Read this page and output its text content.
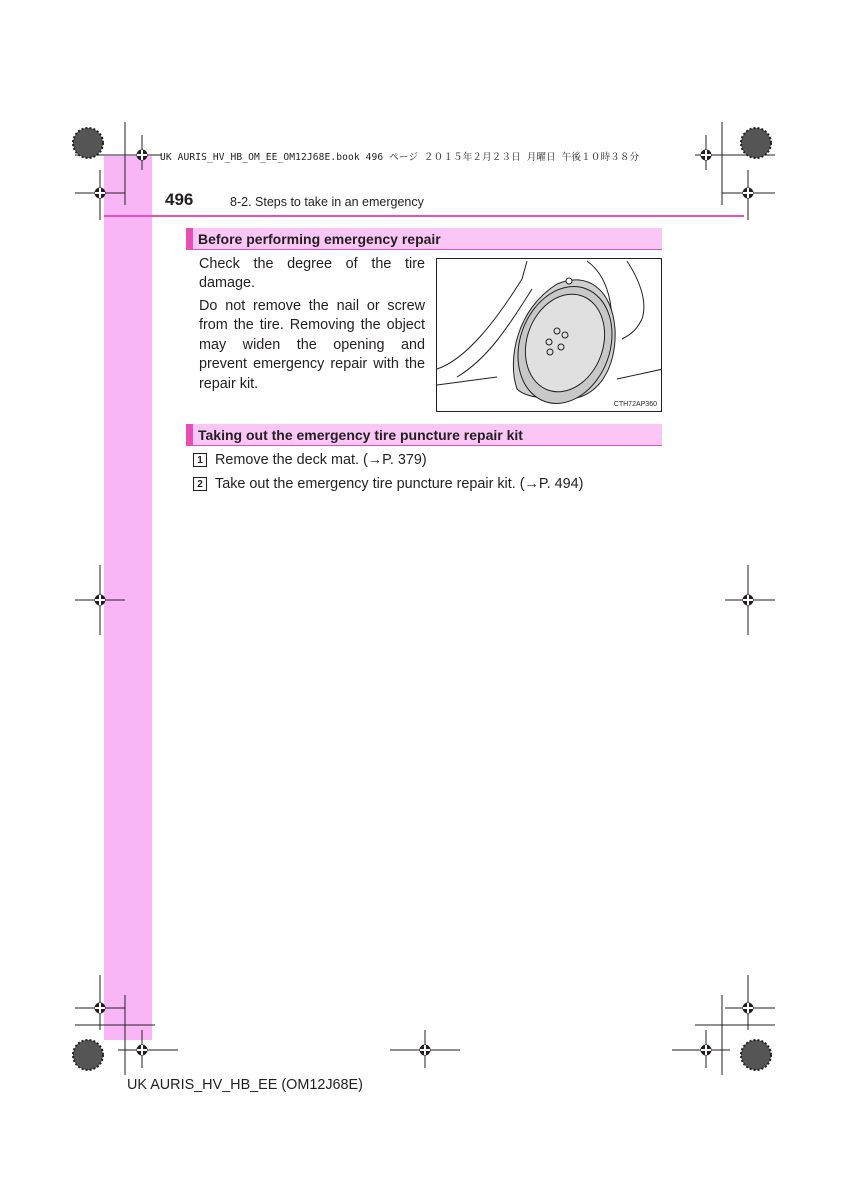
UK AURIS_HV_HB_OM_EE_OM12J68E.book 496 ページ ２０１５年２月２３日 月曜日 午後１０時３８分
496	8-2. Steps to take in an emergency
Before performing emergency repair
Check the degree of the tire damage.
Do not remove the nail or screw from the tire. Removing the object may widen the opening and prevent emergency repair with the repair kit.
CTH72AP360
Taking out the emergency tire puncture repair kit
1 Remove the deck mat. (→P. 379)
2 Take out the emergency tire puncture repair kit. (→P. 494)
UK AURIS_HV_HB_EE (OM12J68E)
